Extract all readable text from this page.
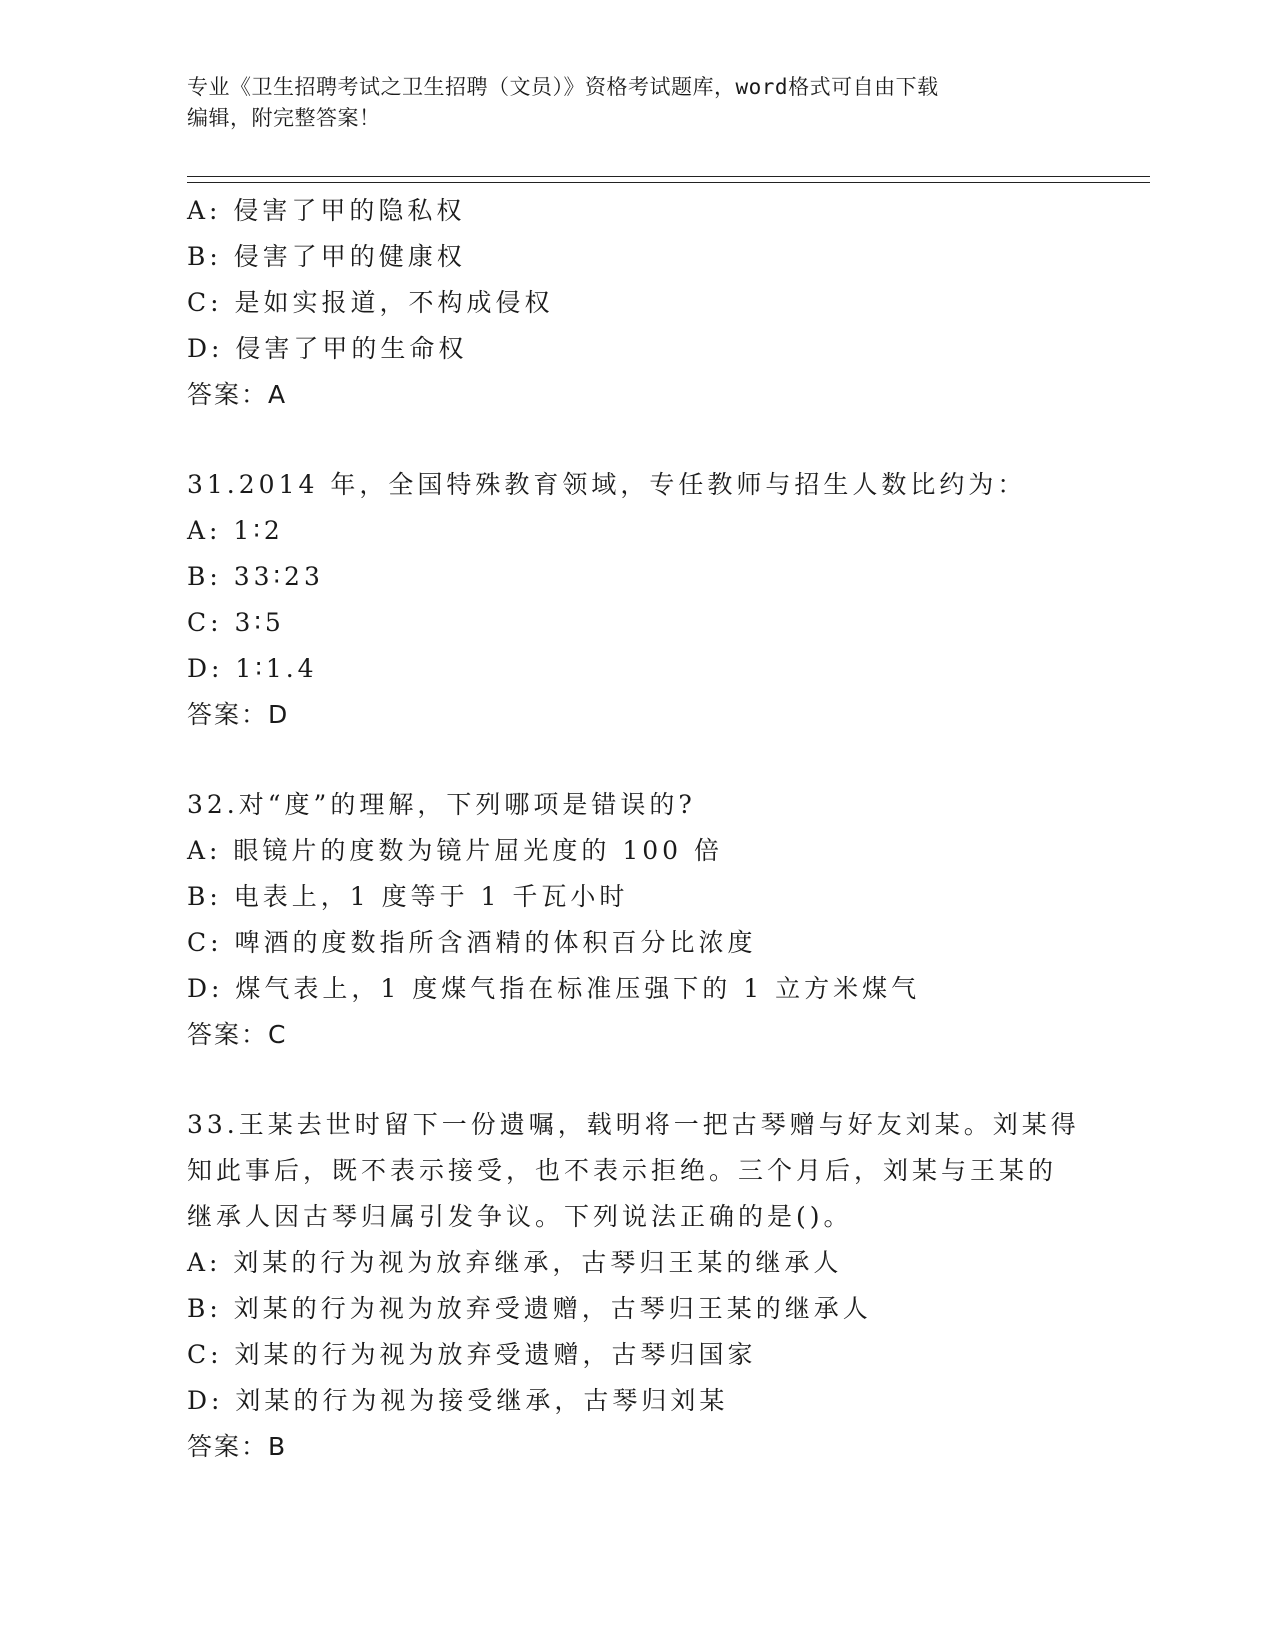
专业《卫生招聘考试之卫生招聘（文员）》资格考试题库，word格式可自由下载
编辑，附完整答案！
A: 侵害了甲的隐私权
B: 侵害了甲的健康权
C: 是如实报道，不构成侵权
D: 侵害了甲的生命权
答案：A
31.2014 年，全国特殊教育领域，专任教师与招生人数比约为：
A: 1∶2
B: 33∶23
C: 3∶5
D: 1∶1.4
答案：D
32.对“度”的理解，下列哪项是错误的?
A: 眼镜片的度数为镜片屈光度的 100 倍
B: 电表上，1 度等于 1 千瓦小时
C: 啤酒的度数指所含酒精的体积百分比浓度
D: 煤气表上，1 度煤气指在标准压强下的 1 立方米煤气
答案：C
33.王某去世时留下一份遗嘱，载明将一把古琴赠与好友刘某。刘某得
知此事后，既不表示接受，也不表示拒绝。三个月后，刘某与王某的
继承人因古琴归属引发争议。下列说法正确的是()。
A: 刘某的行为视为放弃继承，古琴归王某的继承人
B: 刘某的行为视为放弃受遗赠，古琴归王某的继承人
C: 刘某的行为视为放弃受遗赠，古琴归国家
D: 刘某的行为视为接受继承，古琴归刘某
答案：B
